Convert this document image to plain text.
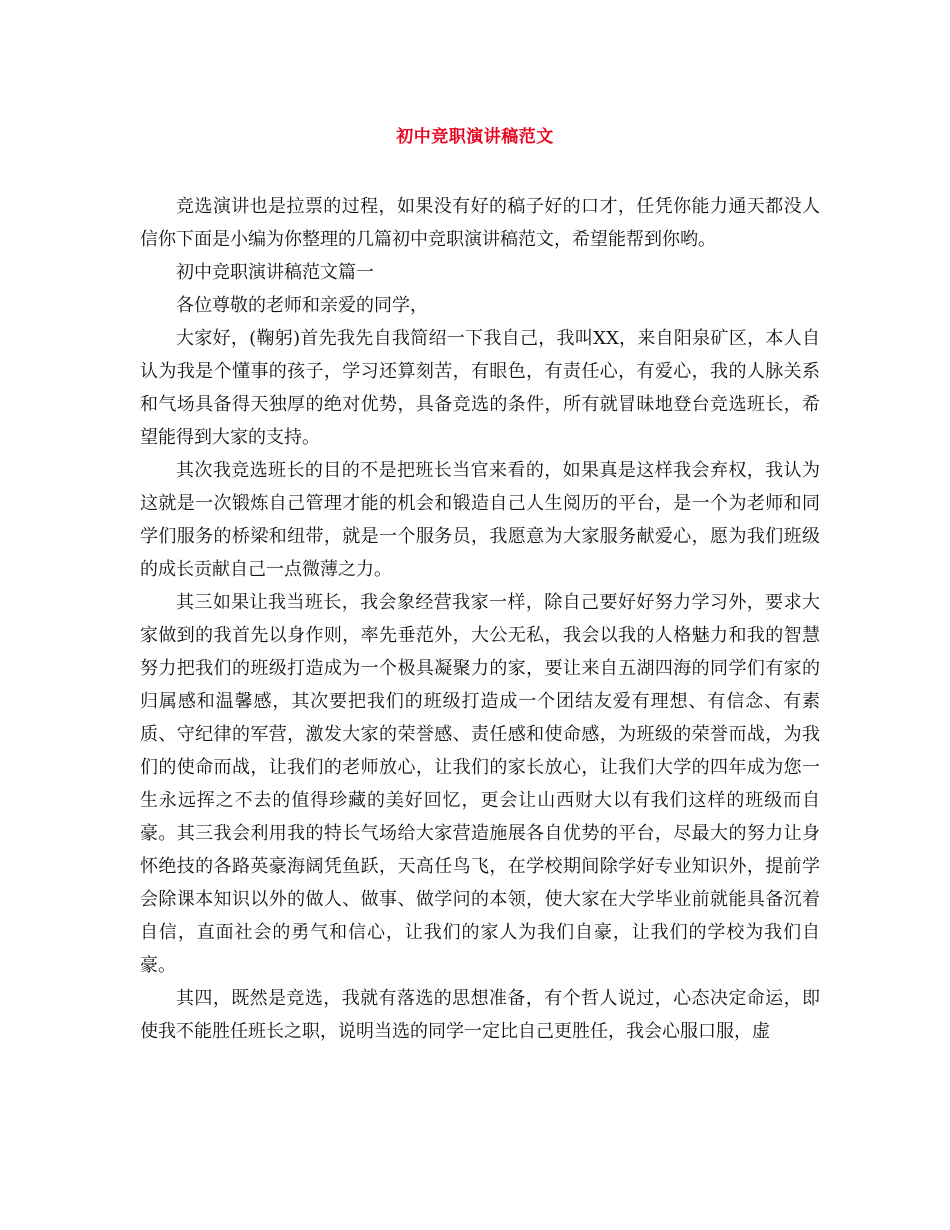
初中竞职演讲稿范文

竞选演讲也是拉票的过程，如果没有好的稿子好的口才，任凭你能力通天都没人信你下面是小编为你整理的几篇初中竞职演讲稿范文，希望能帮到你哟。

初中竞职演讲稿范文篇一

各位尊敬的老师和亲爱的同学，

大家好，(鞠躬)首先我先自我简绍一下我自己，我叫XX，来自阳泉矿区，本人自认为我是个懂事的孩子，学习还算刻苦，有眼色，有责任心，有爱心，我的人脉关系和气场具备得天独厚的绝对优势，具备竞选的条件，所有就冒昧地登台竞选班长，希望能得到大家的支持。

其次我竞选班长的目的不是把班长当官来看的，如果真是这样我会弃权，我认为这就是一次锻炼自己管理才能的机会和锻造自己人生阅历的平台，是一个为老师和同学们服务的桥梁和纽带，就是一个服务员，我愿意为大家服务献爱心，愿为我们班级的成长贡献自己一点微薄之力。

其三如果让我当班长，我会象经营我家一样，除自己要好好努力学习外，要求大家做到的我首先以身作则，率先垂范外，大公无私，我会以我的人格魅力和我的智慧努力把我们的班级打造成为一个极具凝聚力的家，要让来自五湖四海的同学们有家的归属感和温馨感，其次要把我们的班级打造成一个团结友爱有理想、有信念、有素质、守纪律的军营，激发大家的荣誉感、责任感和使命感，为班级的荣誉而战，为我们的使命而战，让我们的老师放心，让我们的家长放心，让我们大学的四年成为您一生永远挥之不去的值得珍藏的美好回忆，更会让山西财大以有我们这样的班级而自豪。其三我会利用我的特长气场给大家营造施展各自优势的平台，尽最大的努力让身怀绝技的各路英豪海阔凭鱼跃，天高任鸟飞，在学校期间除学好专业知识外，提前学会除课本知识以外的做人、做事、做学问的本领，使大家在大学毕业前就能具备沉着自信，直面社会的勇气和信心，让我们的家人为我们自豪，让我们的学校为我们自豪。

其四，既然是竞选，我就有落选的思想准备，有个哲人说过，心态决定命运，即使我不能胜任班长之职，说明当选的同学一定比自己更胜任，我会心服口服，虚
